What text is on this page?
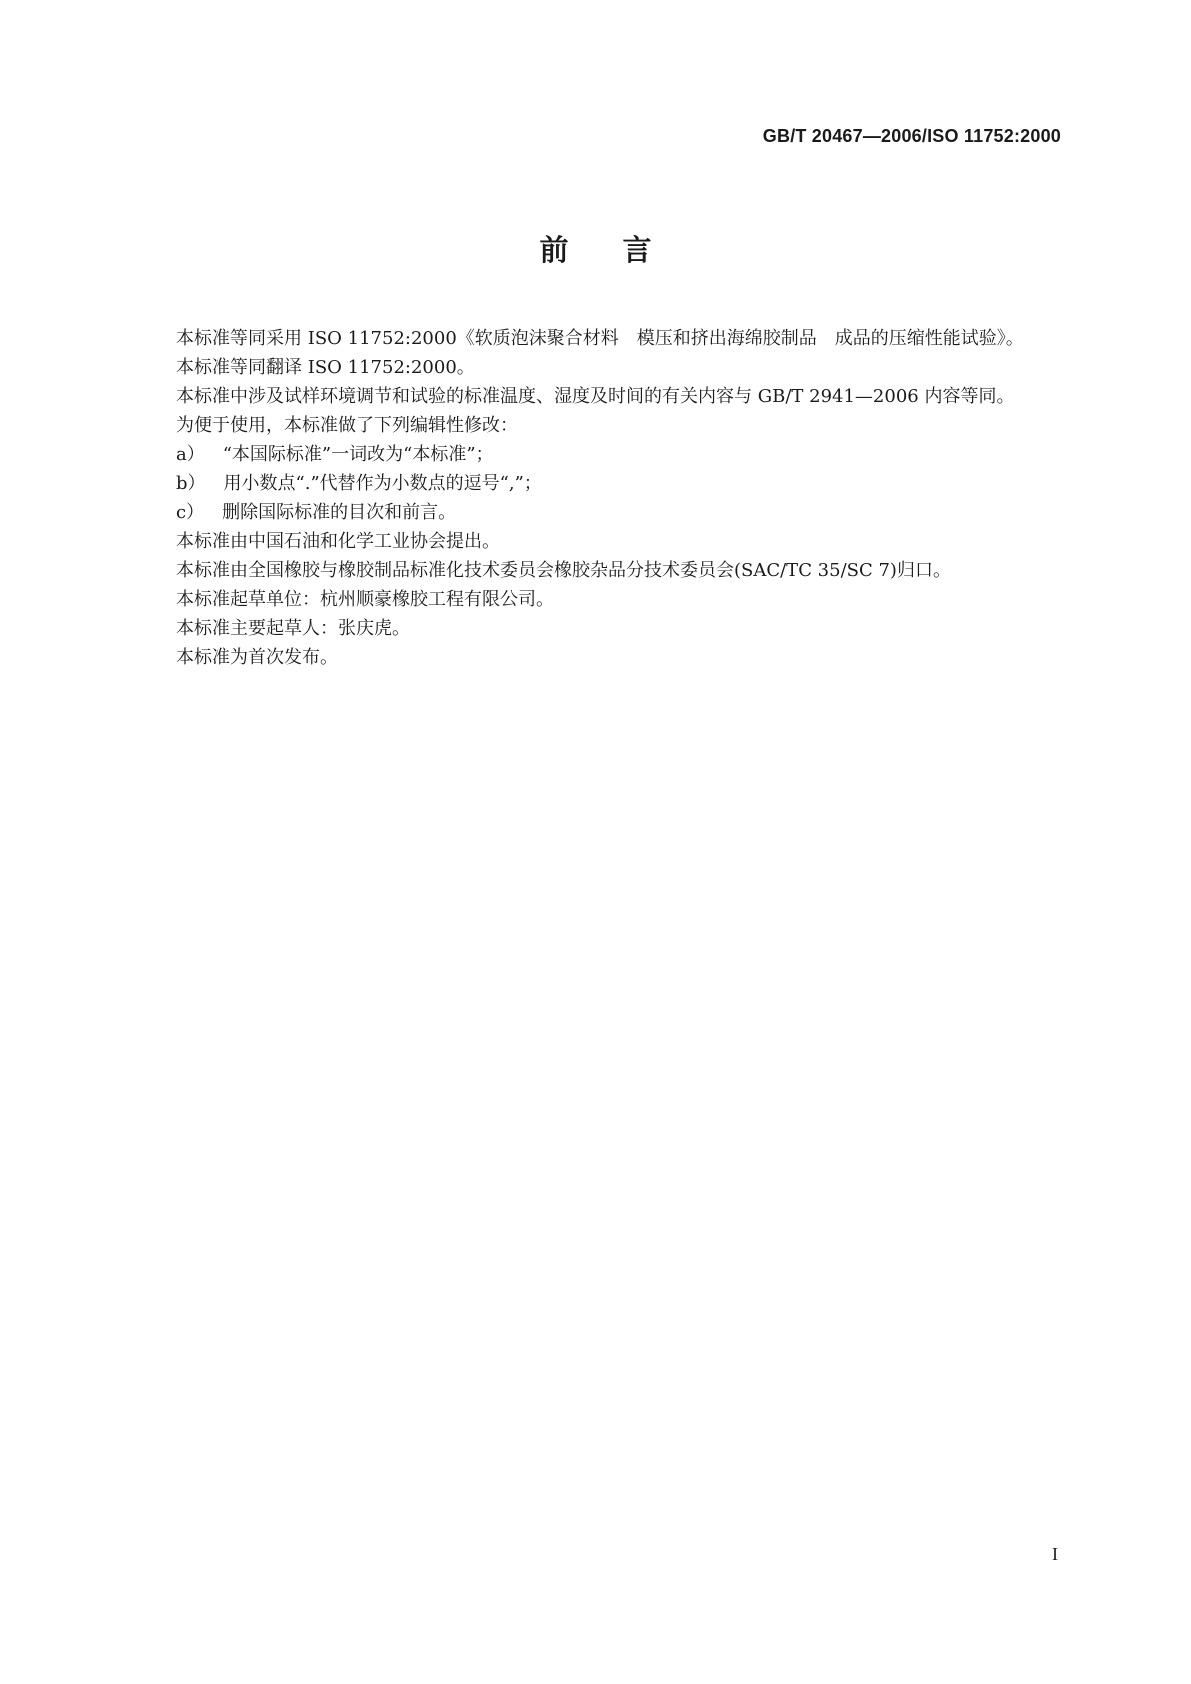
GB/T 20467—2006/ISO 11752:2000
前言

本标准等同采用 ISO 11752:2000《软质泡沫聚合材料　模压和挤出海绵胶制品　成品的压缩性能试验》。

本标准等同翻译 ISO 11752:2000。

本标准中涉及试样环境调节和试验的标准温度、湿度及时间的有关内容与 GB/T 2941—2006 内容等同。

为便于使用，本标准做了下列编辑性修改：

a） “本国际标准”一词改为“本标准”；

b） 用小数点“.”代替作为小数点的逗号“,”；

c） 删除国际标准的目次和前言。

本标准由中国石油和化学工业协会提出。

本标准由全国橡胶与橡胶制品标准化技术委员会橡胶杂品分技术委员会(SAC/TC 35/SC 7)归口。

本标准起草单位：杭州顺豪橡胶工程有限公司。

本标准主要起草人：张庆虎。

本标准为首次发布。

I
